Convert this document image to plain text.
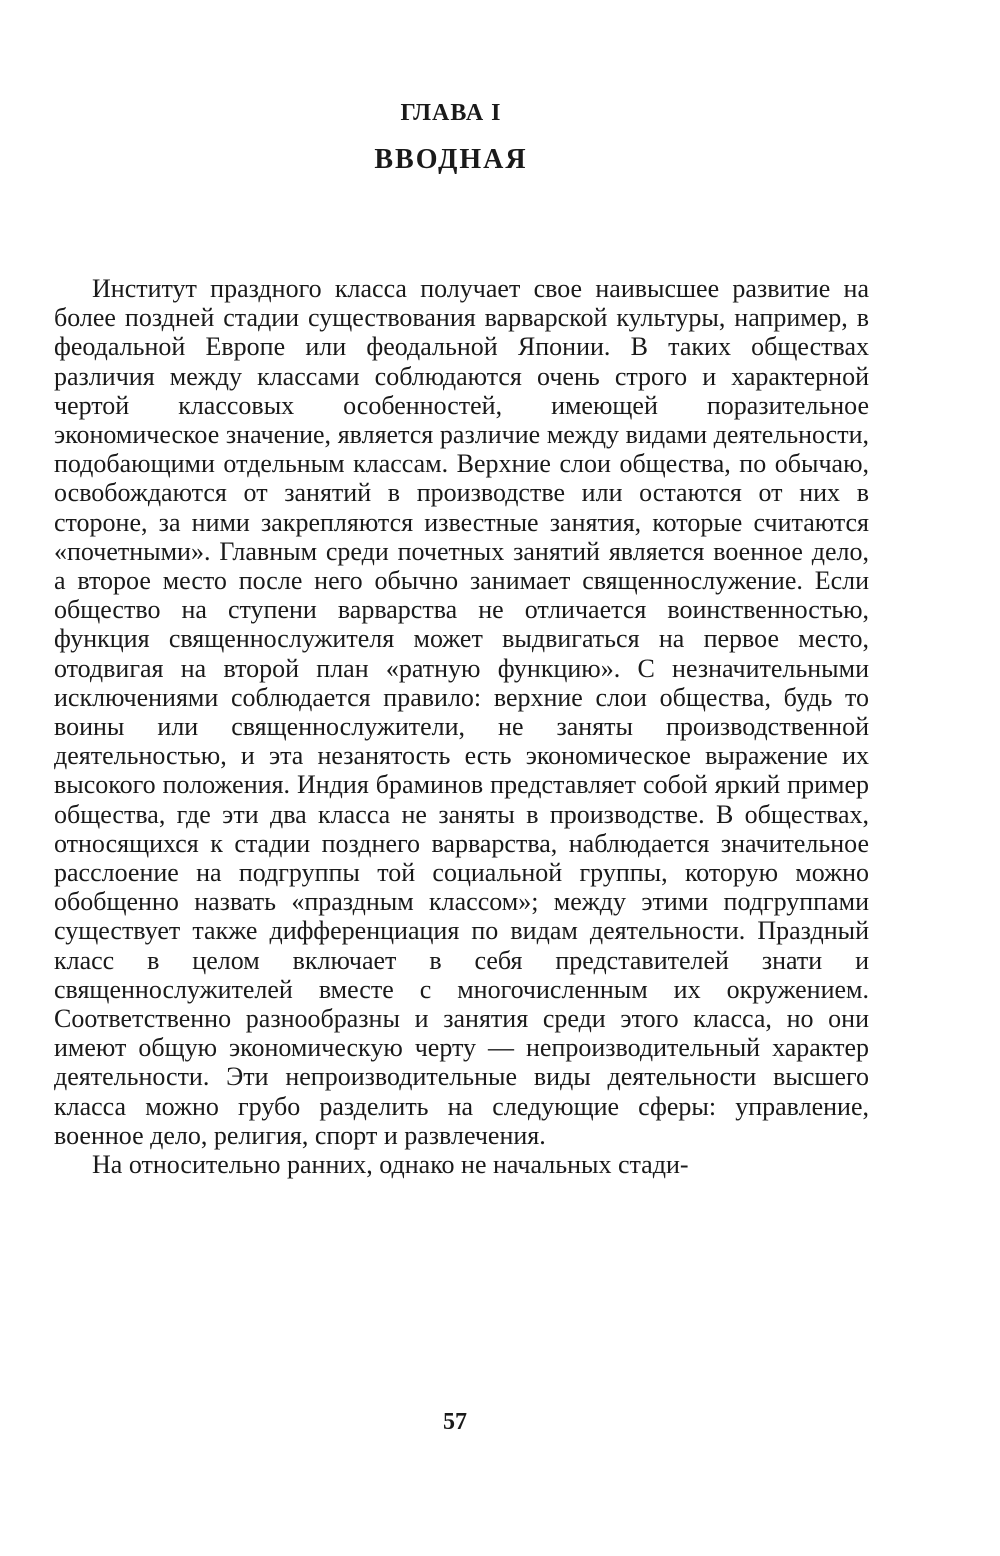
ГЛАВА I
ВВОДНАЯ

Институт праздного класса получает свое наивысшее развитие на более поздней стадии существования варварской культуры, например, в феодальной Европе или феодальной Японии. В таких обществах различия между классами соблюдаются очень строго и характерной чертой классовых особенностей, имеющей поразительное экономическое значение, является различие между видами деятельности, подобающими отдельным классам. Верхние слои общества, по обычаю, освобождаются от занятий в производстве или остаются от них в стороне, за ними закрепляются известные занятия, которые считаются «почетными». Главным среди почетных занятий является военное дело, а второе место после него обычно занимает священнослужение. Если общество на ступени варварства не отличается воинственностью, функция священнослужителя может выдвигаться на первое место, отодвигая на второй план «ратную функцию». С незначительными исключениями соблюдается правило: верхние слои общества, будь то воины или священнослужители, не заняты производственной деятельностью, и эта незанятость есть экономическое выражение их высокого положения. Индия браминов представляет собой яркий пример общества, где эти два класса не заняты в производстве. В обществах, относящихся к стадии позднего варварства, наблюдается значительное расслоение на подгруппы той социальной группы, которую можно обобщенно назвать «праздным классом»; между этими подгруппами существует также дифференциация по видам деятельности. Праздный класс в целом включает в себя представителей знати и священнослужителей вместе с многочисленным их окружением. Соответственно разнообразны и занятия среди этого класса, но они имеют общую экономическую черту — непроизводительный характер деятельности. Эти непроизводительные виды деятельности высшего класса можно грубо разделить на следующие сферы: управление, военное дело, религия, спорт и развлечения.

На относительно ранних, однако не начальных стади-

57
